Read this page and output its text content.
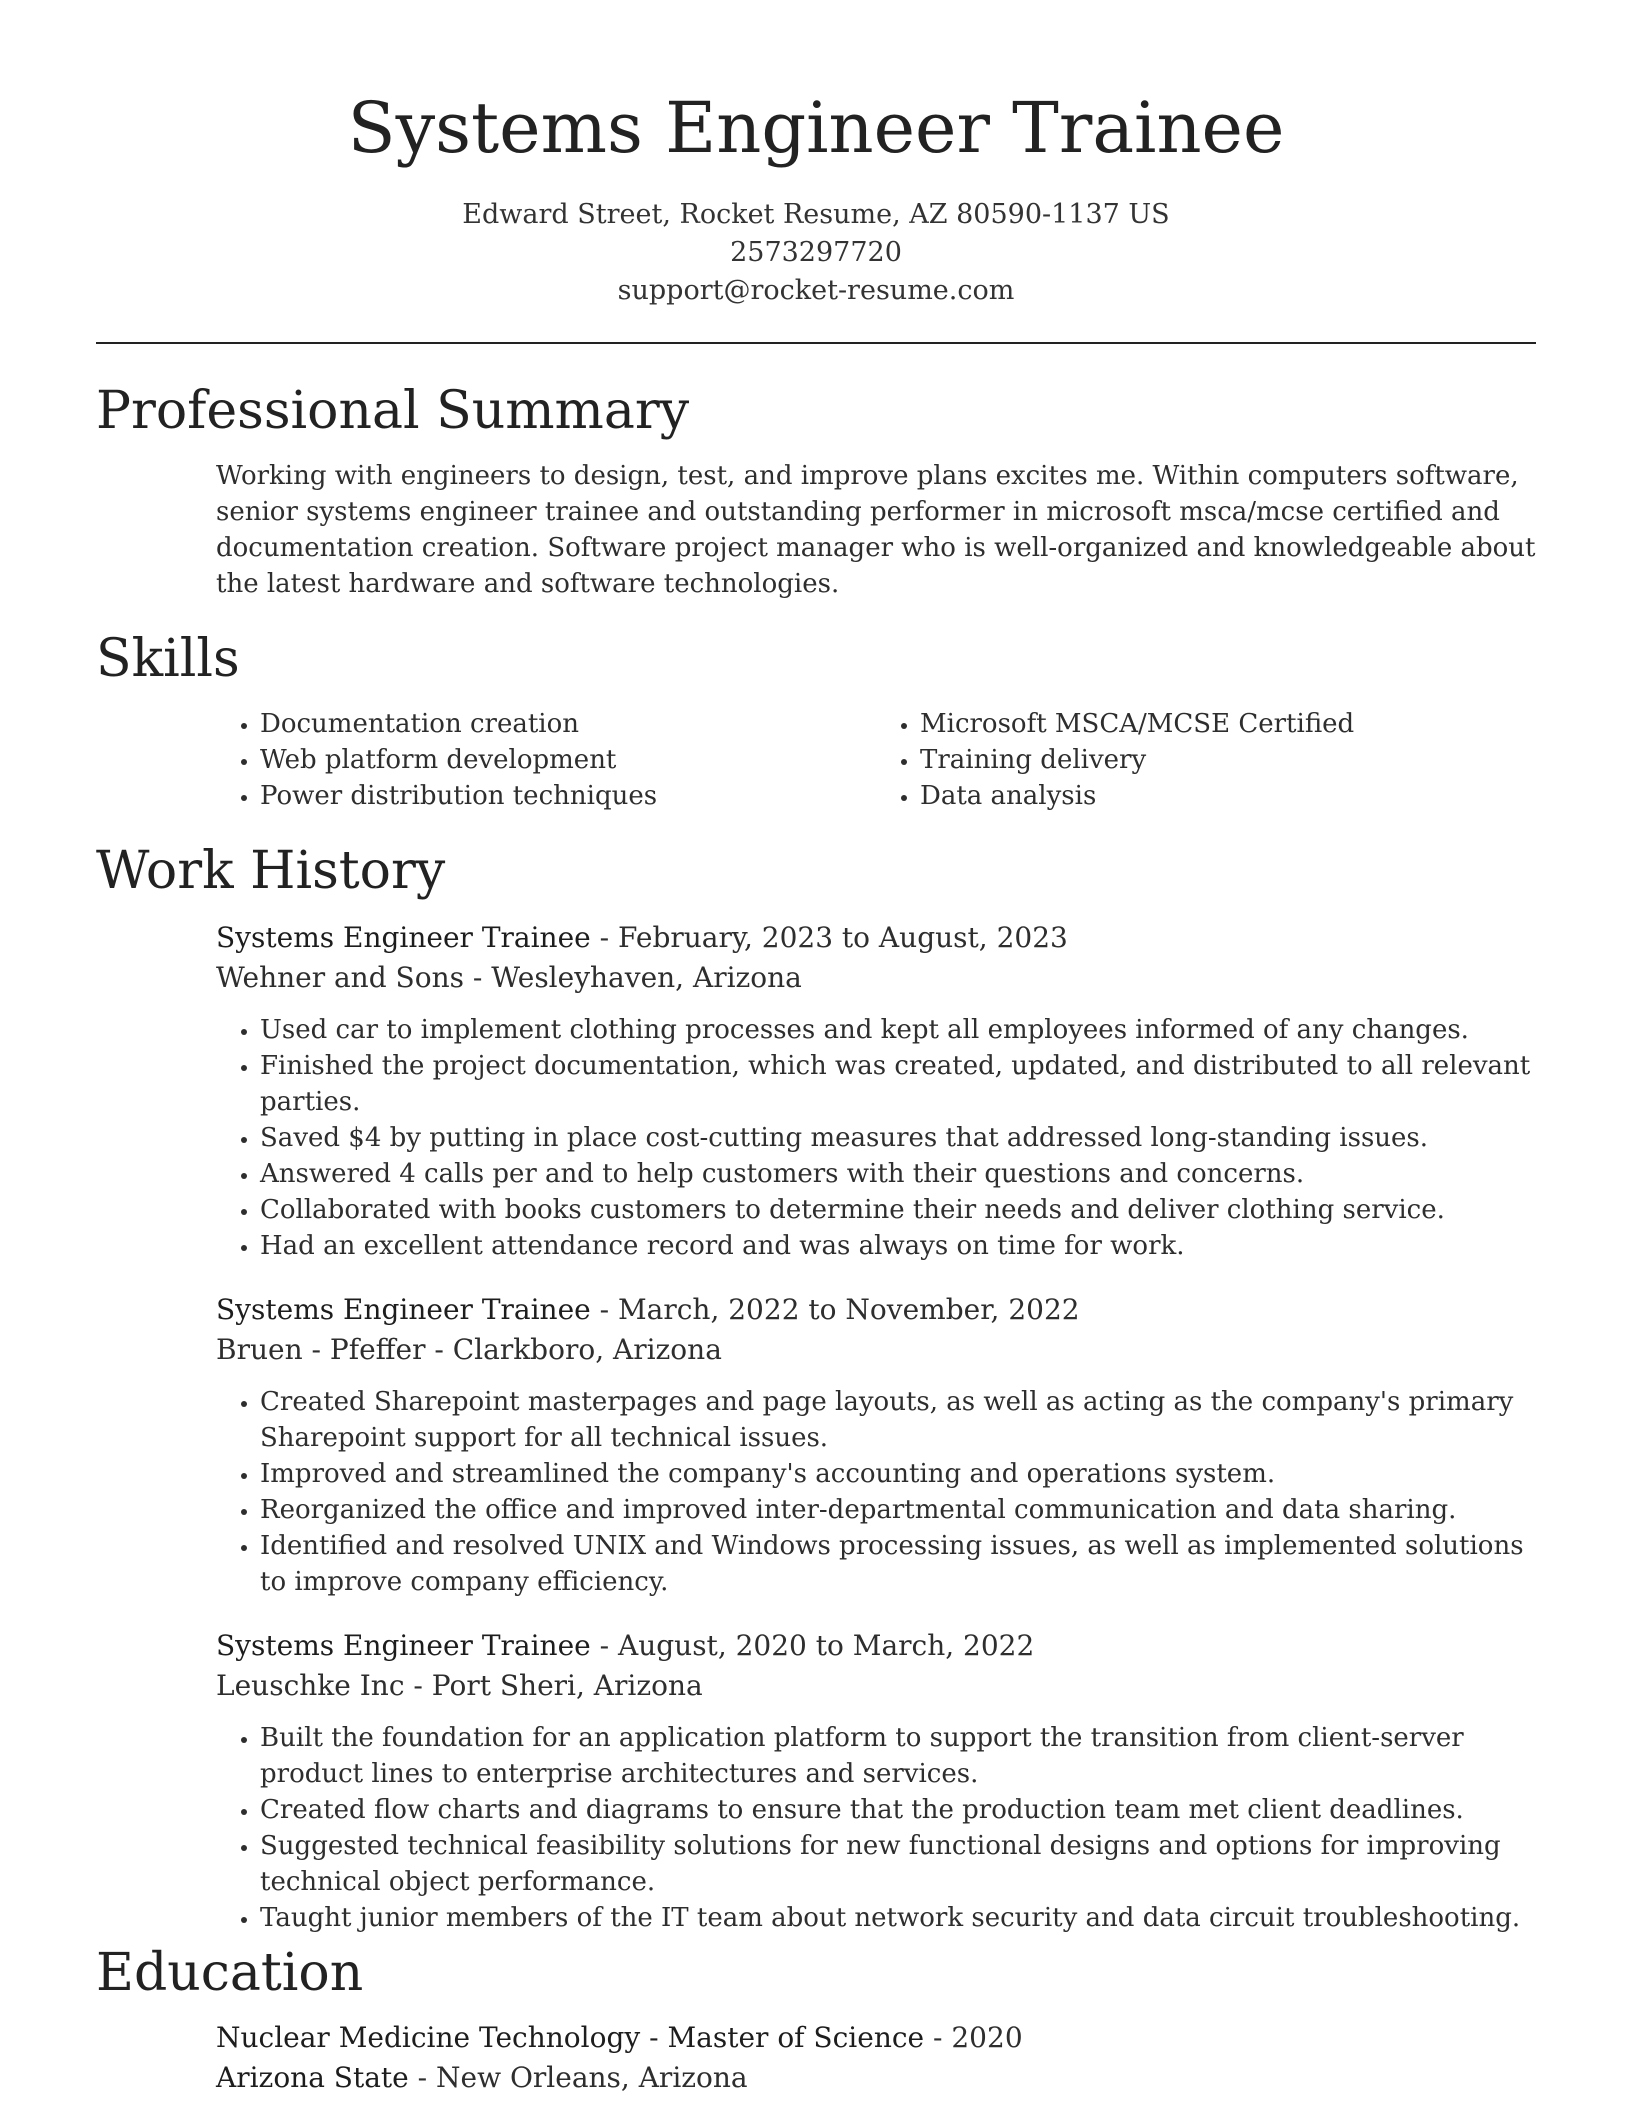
Systems Engineer Trainee
Edward Street, Rocket Resume, AZ 80590-1137 US
2573297720
support@rocket-resume.com
Professional Summary

Working with engineers to design, test, and improve plans excites me. Within computers software, senior systems engineer trainee and outstanding performer in microsoft msca/mcse certified and documentation creation. Software project manager who is well-organized and knowledgeable about the latest hardware and software technologies.

Skills
• Documentation creation
• Web platform development
• Power distribution techniques
• Microsoft MSCA/MCSE Certified
• Training delivery
• Data analysis
Work History
Systems Engineer Trainee - February, 2023 to August, 2023
Wehner and Sons - Wesleyhaven, Arizona
• Used car to implement clothing processes and kept all employees informed of any changes.
• Finished the project documentation, which was created, updated, and distributed to all relevant parties.
• Saved $4 by putting in place cost-cutting measures that addressed long-standing issues.
• Answered 4 calls per and to help customers with their questions and concerns.
• Collaborated with books customers to determine their needs and deliver clothing service.
• Had an excellent attendance record and was always on time for work.
Systems Engineer Trainee - March, 2022 to November, 2022
Bruen - Pfeffer - Clarkboro, Arizona
• Created Sharepoint masterpages and page layouts, as well as acting as the company's primary Sharepoint support for all technical issues.
• Improved and streamlined the company's accounting and operations system.
• Reorganized the office and improved inter-departmental communication and data sharing.
• Identified and resolved UNIX and Windows processing issues, as well as implemented solutions to improve company efficiency.
Systems Engineer Trainee - August, 2020 to March, 2022
Leuschke Inc - Port Sheri, Arizona
• Built the foundation for an application platform to support the transition from client-server product lines to enterprise architectures and services.
• Created flow charts and diagrams to ensure that the production team met client deadlines.
• Suggested technical feasibility solutions for new functional designs and options for improving technical object performance.
• Taught junior members of the IT team about network security and data circuit troubleshooting.
Education
Nuclear Medicine Technology - Master of Science - 2020
Arizona State - New Orleans, Arizona
